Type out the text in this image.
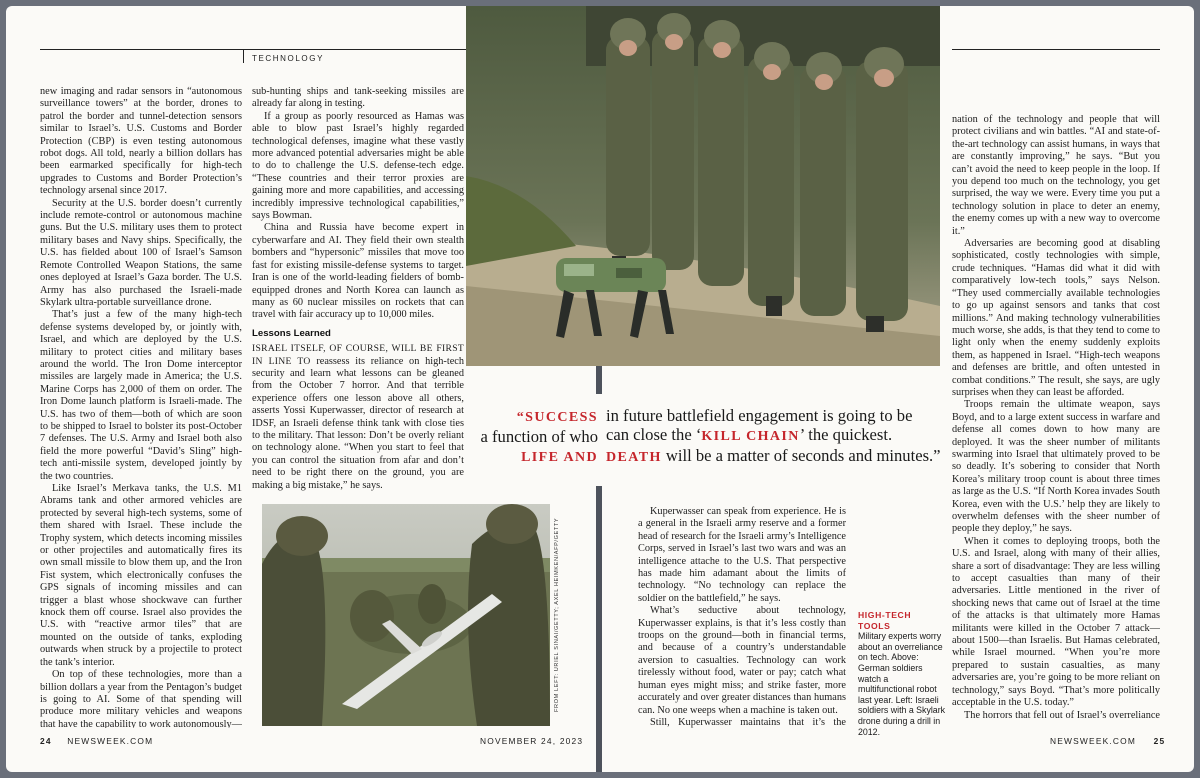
TECHNOLOGY

new imaging and radar sensors in “autonomous surveillance towers” at the border, drones to patrol the border and tunnel-detection sensors similar to Israel’s. U.S. Customs and Border Protection (CBP) is even testing autonomous robot dogs. All told, nearly a billion dollars has been earmarked specifically for high-tech upgrades to Customs and Border Protection’s technology arsenal since 2017.

Security at the U.S. border doesn’t currently include remote-control or autonomous machine guns. But the U.S. military uses them to protect military bases and Navy ships. Specifically, the U.S. has fielded about 100 of Israel’s Samson Remote Controlled Weapon Stations, the same ones deployed at Israel’s Gaza border. The U.S. Army has also purchased the Israeli-made Skylark ultra-portable surveillance drone.

That’s just a few of the many high-tech defense systems developed by, or jointly with, Israel, and which are deployed by the U.S. military to protect cities and military bases around the world. The Iron Dome interceptor missiles are largely made in America; the U.S. Marine Corps has 2,000 of them on order. The Iron Dome launch platform is Israeli-made. The U.S. has two of them—both of which are soon to be shipped to Israel to bolster its post-October 7 defenses. The U.S. Army and Israel both also field the more powerful “David’s Sling” high-tech anti-missile system, developed jointly by the two countries.

Like Israel’s Merkava tanks, the U.S. M1 Abrams tank and other armored vehicles are protected by several high-tech systems, some of them shared with Israel. These include the Trophy system, which detects incoming missiles or other projectiles and automatically fires its own small missile to blow them up, and the Iron Fist system, which electronically confuses the GPS signals of incoming missiles and can trigger a blast whose shockwave can further knock them off course. Israel also provides the U.S. with “reactive armor tiles” that are mounted on the outside of tanks, exploding outwards when struck by a projectile to protect the tank’s interior.

On top of these technologies, more than a billion dollars a year from the Pentagon’s budget is going to AI. Some of that spending will produce more military vehicles and weapons that have the capability to work autonomously—

sub-hunting ships and tank-seeking missiles are already far along in testing.

If a group as poorly resourced as Hamas was able to blow past Israel’s highly regarded technological defenses, imagine what these vastly more advanced potential adversaries might be able to do to challenge the U.S. defense-tech edge. “These countries and their terror proxies are gaining more and more capabilities, and accessing incredibly impressive technological capabilities,” says Bowman.

China and Russia have become expert in cyberwarfare and AI. They field their own stealth bombers and “hypersonic” missiles that move too fast for existing missile-defense systems to target. Iran is one of the world-leading fielders of bomb-equipped drones and North Korea can launch as many as 60 nuclear missiles on rockets that can travel with fair accuracy up to 10,000 miles.

Lessons Learned

ISRAEL ITSELF, OF COURSE, WILL BE FIRST IN LINE TO reassess its reliance on high-tech security and learn what lessons can be gleaned from the October 7 horror. And that terrible experience offers one lesson above all others, asserts Yossi Kuperwasser, director of research at IDSF, an Israeli defense think tank with close ties to the military. That lesson: Don’t be overly reliant on technology alone. “When you start to feel that you can control the situation from afar and don’t need to be right there on the ground, you are making a big mistake,” he says.

FROM LEFT: URIEL SINAI/GETTY; AXEL HEIMKEN/AFP/GETTY
24 NEWSWEEK.COM	NOVEMBER 24, 2023

Kuperwasser can speak from experience. He is a general in the Israeli army reserve and a former head of research for the Israeli army’s Intelligence Corps, served in Israel’s last two wars and was an intelligence attache to the U.S. That perspective has made him adamant about the limits of technology. “No technology can replace the soldier on the battlefield,” he says.

What’s seductive about technology, Kuperwasser explains, is that it’s less costly than troops on the ground—both in financial terms, and because of a country’s understandable aversion to casualties. Technology can work tirelessly without food, water or pay; catch what human eyes might miss; and strike faster, more accurately and over greater distances than humans can. No one weeps when a machine is taken out.

Still, Kuperwasser maintains that it’s the

HIGH-TECH TOOLS
Military experts worry about an overreliance on tech. Above: German soldiers watch a multifunctional robot last year. Left: Israeli soldiers with a Skylark drone during a drill in 2012.

nation of the technology and people that will protect civilians and win battles. “AI and state-of-the-art technology can assist humans, in ways that are constantly improving,” he says. “But you can’t avoid the need to keep people in the loop. If you depend too much on the technology, you get surprised, the way we were. Every time you put a technology solution in place to deter an enemy, the enemy comes up with a new way to overcome it.”

Adversaries are becoming good at disabling sophisticated, costly technologies with simple, crude techniques. “Hamas did what it did with comparatively low-tech tools,” says Nelson. “They used commercially available technologies to go up against sensors and tanks that cost millions.” And making technology vulnerabilities much worse, she adds, is that they tend to come to light only when the enemy suddenly exploits them, as happened in Israel. “High-tech weapons and defenses are brittle, and often untested in combat conditions.” The result, she says, are ugly surprises when they can least be afforded.

Troops remain the ultimate weapon, says Boyd, and to a large extent success in warfare and defense all comes down to how many are deployed. It was the sheer number of militants swarming into Israel that ultimately proved to be so deadly. It’s sobering to consider that North Korea’s military troop count is about three times as large as the U.S. “If North Korea invades South Korea, even with the U.S.’ help they are likely to overwhelm defenses with the sheer number of people they deploy,” he says.

When it comes to deploying troops, both the U.S. and Israel, along with many of their allies, share a sort of disadvantage: They are less willing to accept casualties than many of their adversaries. Little mentioned in the river of shocking news that came out of Israel at the time of the attacks is that ultimately more Hamas militants were killed in the October 7 attack—about 1500—than Israelis. But Hamas celebrated, while Israel mourned. “When you’re more prepared to sustain casualties, as many adversaries are, you’re going to be more reliant on technology,” says Boyd. “That’s more politically acceptable in the U.S. today.”

The horrors that fell out of Israel’s overreliance

NEWSWEEK.COM 25
“SUCCESS
a function of who
LIFE AND
in future battlefield engagement is going to be
can close the ‘KILL CHAIN’ the quickest.
DEATH will be a matter of seconds and minutes.”
